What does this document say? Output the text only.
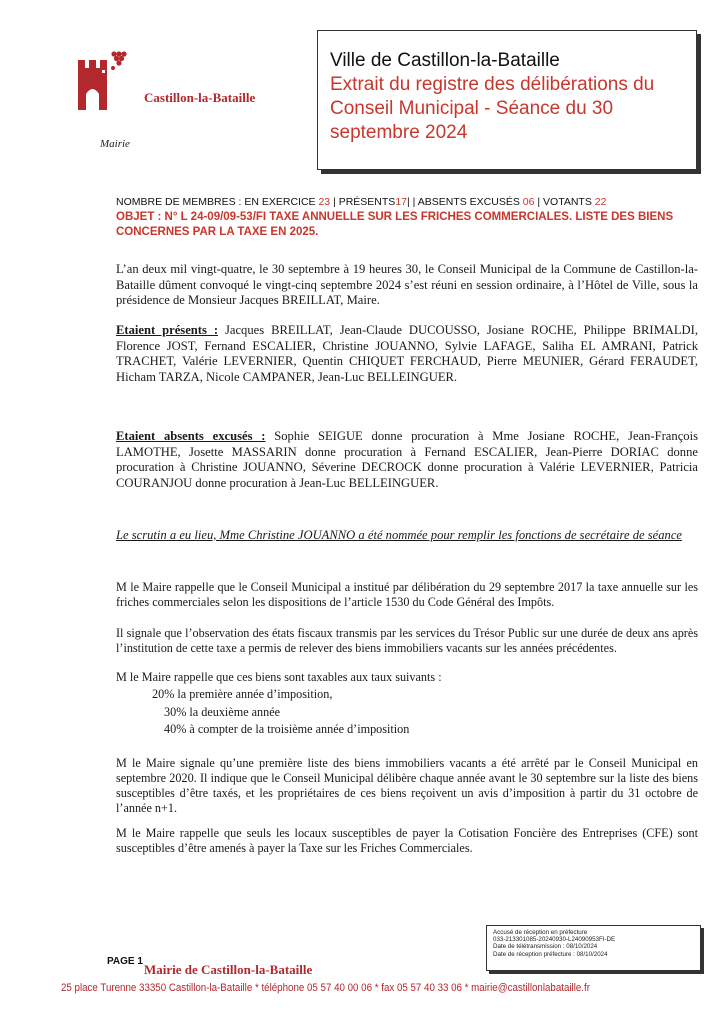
Castillon-la-Bataille
Mairie
Ville de Castillon-la-Bataille
Extrait du registre des délibérations du
Conseil Municipal - Séance du 30
septembre 2024
NOMBRE DE MEMBRES : EN EXERCICE 23 | PRÉSENTS17| | ABSENTS EXCUSÉS 06 | VOTANTS 22
OBJET : N° L 24-09/09-53/FI TAXE ANNUELLE SUR LES FRICHES COMMERCIALES. LISTE DES BIENS CONCERNES PAR LA TAXE EN 2025.
L’an deux mil vingt-quatre, le 30 septembre à 19 heures 30, le Conseil Municipal de la Commune de Castillon-la-Bataille dûment convoqué le vingt-cinq septembre 2024 s’est réuni en session ordinaire, à l’Hôtel de Ville, sous la présidence de Monsieur Jacques BREILLAT, Maire.
Etaient présents : Jacques BREILLAT, Jean-Claude DUCOUSSO, Josiane ROCHE, Philippe BRIMALDI, Florence JOST, Fernand ESCALIER, Christine JOUANNO, Sylvie LAFAGE, Saliha EL AMRANI, Patrick TRACHET, Valérie LEVERNIER, Quentin CHIQUET FERCHAUD, Pierre MEUNIER, Gérard FERAUDET, Hicham TARZA, Nicole CAMPANER, Jean-Luc BELLEINGUER.
Etaient absents excusés : Sophie SEIGUE donne procuration à Mme Josiane ROCHE, Jean-François LAMOTHE, Josette MASSARIN donne procuration à Fernand ESCALIER, Jean-Pierre DORIAC donne procuration à Christine JOUANNO, Séverine DECROCK donne procuration à Valérie LEVERNIER, Patricia COURANJOU donne procuration à Jean-Luc BELLEINGUER.
Le scrutin a eu lieu, Mme Christine JOUANNO a été nommée pour remplir les fonctions de secrétaire de séance
M le Maire rappelle que le Conseil Municipal a institué par délibération du 29 septembre 2017 la taxe annuelle sur les friches commerciales selon les dispositions de l’article 1530 du Code Général des Impôts.
Il signale que l’observation des états fiscaux transmis par les services du Trésor Public sur une durée de deux ans après l’institution de cette taxe a permis de relever des biens immobiliers vacants sur les années précédentes.
M le Maire rappelle que ces biens sont taxables aux taux suivants :
20% la première année d’imposition,
30% la deuxième année
40% à compter de la troisième année d’imposition
M le Maire signale qu’une première liste des biens immobiliers vacants a été arrêté par le Conseil Municipal en septembre 2020. Il indique que le Conseil Municipal délibère chaque année avant le 30 septembre sur la liste des biens susceptibles d’être taxés, et les propriétaires de ces biens reçoivent un avis d’imposition à partir du 31 octobre de l’année n+1.
M le Maire rappelle que seuls les locaux susceptibles de payer la Cotisation Foncière des Entreprises (CFE) sont susceptibles d’être amenés à payer la Taxe sur les Friches Commerciales.
Accusé de réception en préfecture
033-213301085-20240930-L24090953FI-DE
Date de télétransmission : 08/10/2024
Date de réception préfecture : 08/10/2024
PAGE 1
Mairie de Castillon-la-Bataille
25 place Turenne 33350 Castillon-la-Bataille * téléphone 05 57 40 00 06 * fax 05 57 40 33 06 * mairie@castillonlabataille.fr
